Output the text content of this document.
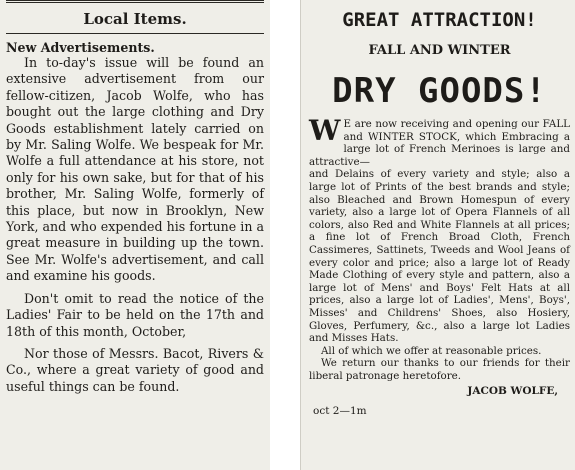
Local Items.
New Advertisements.

In to-day's issue will be found an extensive advertisement from our fellow-citizen, Jacob Wolfe, who has bought out the large clothing and Dry Goods establishment lately carried on by Mr. Saling Wolfe. We bespeak for Mr. Wolfe a full attendance at his store, not only for his own sake, but for that of his brother, Mr. Saling Wolfe, formerly of this place, but now in Brooklyn, New York, and who expended his fortune in a great measure in building up the town. See Mr. Wolfe's advertisement, and call and examine his goods.

Don't omit to read the notice of the Ladies' Fair to be held on the 17th and 18th of this month, October,

Nor those of Messrs. Bacot, Rivers & Co., where a great variety of good and useful things can be found.

GREAT ATTRACTION!
FALL AND WINTER
DRY GOODS!

W E are now receiving and opening our FALL and WINTER STOCK, which Embracing a large lot of French Merinoes is large and attractive—

and Delains of every variety and style; also a large lot of Prints of the best brands and style; also Bleached and Brown Homespun of every variety, also a large lot of Opera Flannels of all colors, also Red and White Flannels at all prices; a fine lot of French Broad Cloth, French Cassimeres, Sattinets, Tweeds and Wool Jeans of every color and price; also a large lot of Ready Made Clothing of every style and pattern, also a large lot of Mens' and Boys' Felt Hats at all prices, also a large lot of Ladies', Mens', Boys', Misses' and Childrens' Shoes, also Hosiery, Gloves, Perfumery, &c., also a large lot Ladies and Misses Hats.

All of which we offer at reasonable prices.

We return our thanks to our friends for their liberal patronage heretofore.

JACOB WOLFE,
oct 2—1m
